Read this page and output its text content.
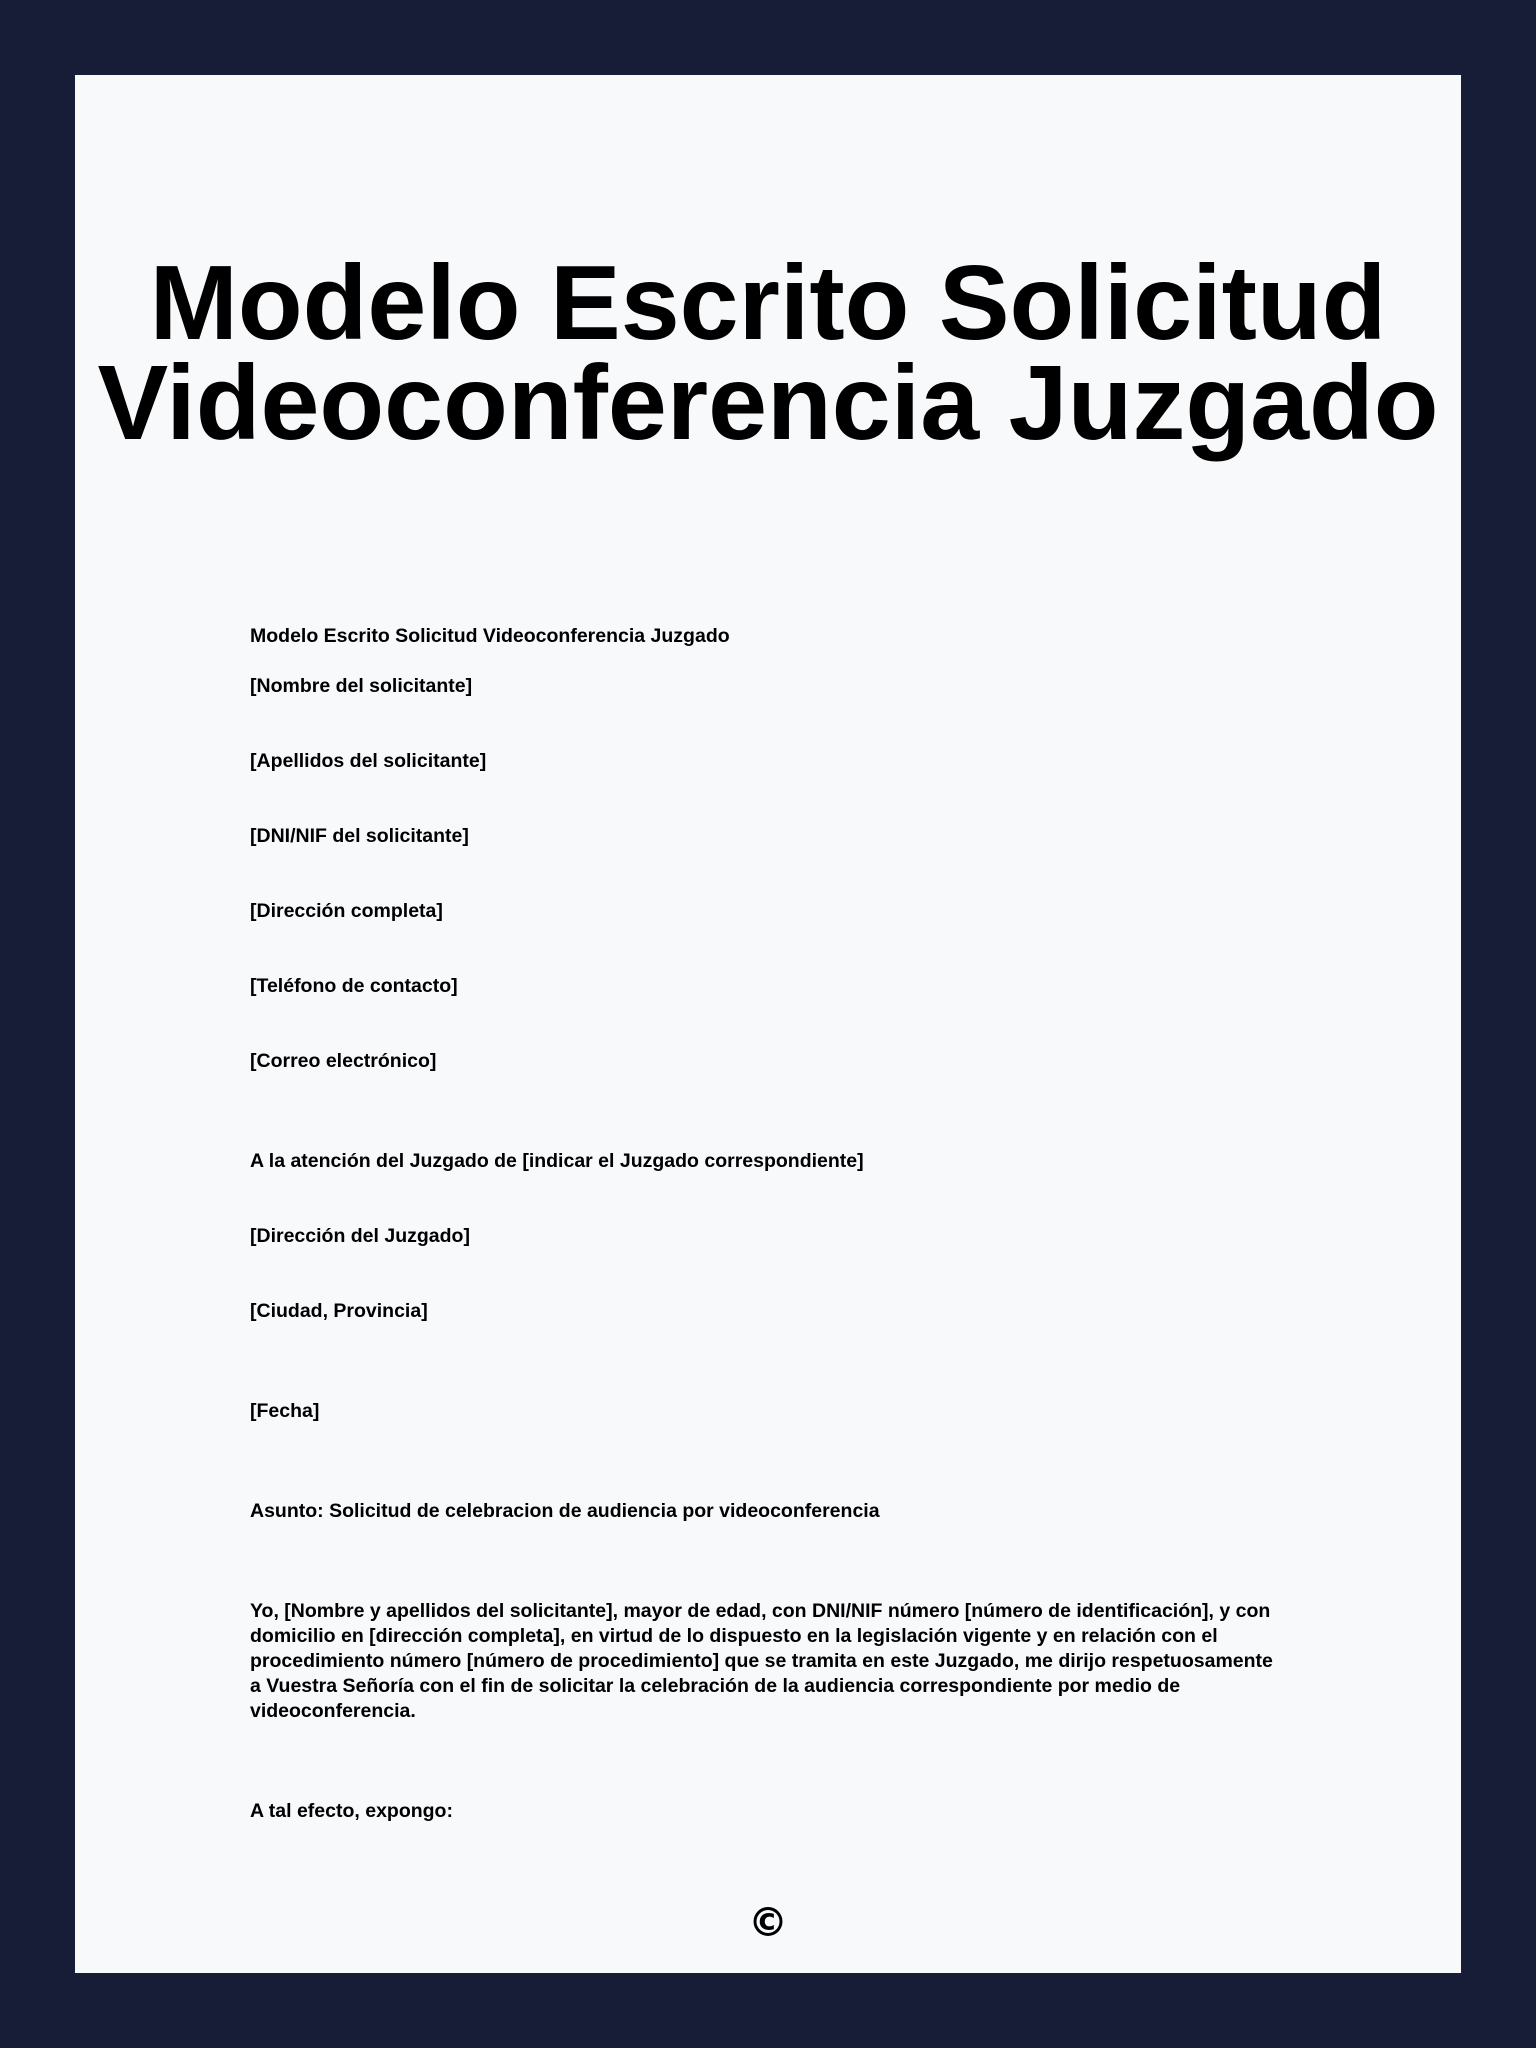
Modelo Escrito Solicitud
Videoconferencia Juzgado

Modelo Escrito Solicitud Videoconferencia Juzgado

[Nombre del solicitante]

[Apellidos del solicitante]

[DNI/NIF del solicitante]

[Dirección completa]

[Teléfono de contacto]

[Correo electrónico]

A la atención del Juzgado de [indicar el Juzgado correspondiente]

[Dirección del Juzgado]

[Ciudad, Provincia]

[Fecha]

Asunto: Solicitud de celebracion de audiencia por videoconferencia

Yo, [Nombre y apellidos del solicitante], mayor de edad, con DNI/NIF número [número de identificación], y con domicilio en [dirección completa], en virtud de lo dispuesto en la legislación vigente y en relación con el procedimiento número [número de procedimiento] que se tramita en este Juzgado, me dirijo respetuosamente a Vuestra Señoría con el fin de solicitar la celebración de la audiencia correspondiente por medio de videoconferencia.

A tal efecto, expongo:

©
